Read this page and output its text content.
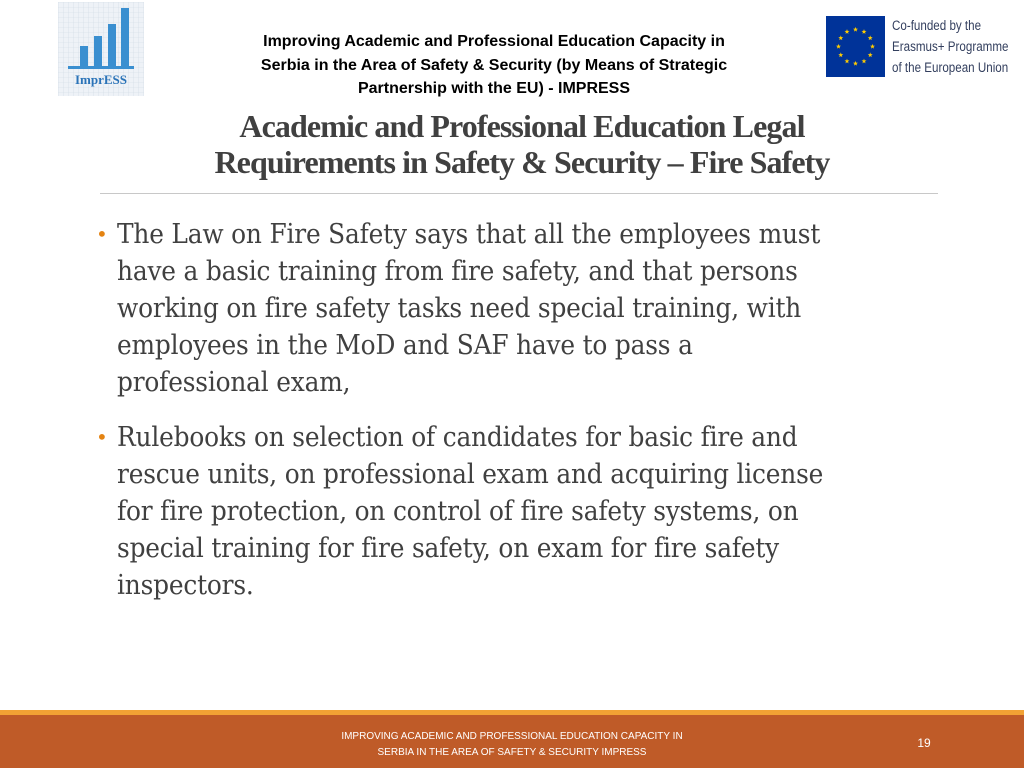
ImprESS
Improving Academic and Professional Education Capacity in
Serbia in the Area of Safety & Security (by Means of Strategic
Partnership with the EU) - IMPRESS
Co-funded by the
Erasmus+ Programme
of the European Union
Academic and Professional Education Legal
Requirements in Safety & Security – Fire Safety
• The Law on Fire Safety says that all the employees must
have a basic training from fire safety, and that persons
working on fire safety tasks need special training, with
employees in the MoD and SAF have to pass a
professional exam,
• Rulebooks on selection of candidates for basic fire and
rescue units, on professional exam and acquiring license
for fire protection, on control of fire safety systems, on
special training for fire safety, on exam for fire safety
inspectors.
IMPROVING ACADEMIC AND PROFESSIONAL EDUCATION CAPACITY IN
SERBIA IN THE AREA OF SAFETY & SECURITY IMPRESS
19
